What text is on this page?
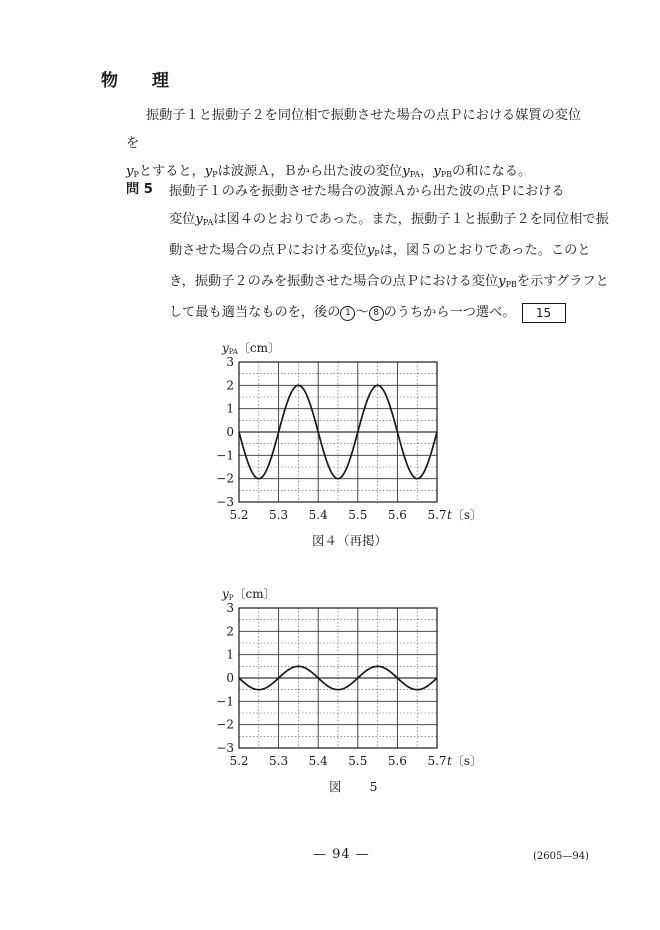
物 理

振動子１と振動子２を同位相で振動させた場合の点Ｐにおける媒質の変位を

$y_P$とすると，$y_P$は波源Ａ，Ｂから出た波の変位$y_{PA}$，$y_{PB}$の和になる。

問 5 振動子１のみを振動させた場合の波源Ａから出た波の点Ｐにおける

変位$y_{PA}$は図４のとおりであった。また，振動子１と振動子２を同位相で振

動させた場合の点Ｐにおける変位$y_P$は，図５のとおりであった。このと

き，振動子２のみを振動させた場合の点Ｐにおける変位$y_{PB}$を示すグラフと

して最も適当なものを，後の 1 ～ 8 のうちから一つ選べ。 15

3
2
1
0
−1
−2
−3
5.2 5.3 5.4 5.5 5.6 5.7
yPA〔cm〕
t〔s〕
図４（再掲）
3
2
1
0
−1
−2
−3
5.2 5.3 5.4 5.5 5.6 5.7
yP〔cm〕
t〔s〕
図 5
— 94 —	(2605—94)
